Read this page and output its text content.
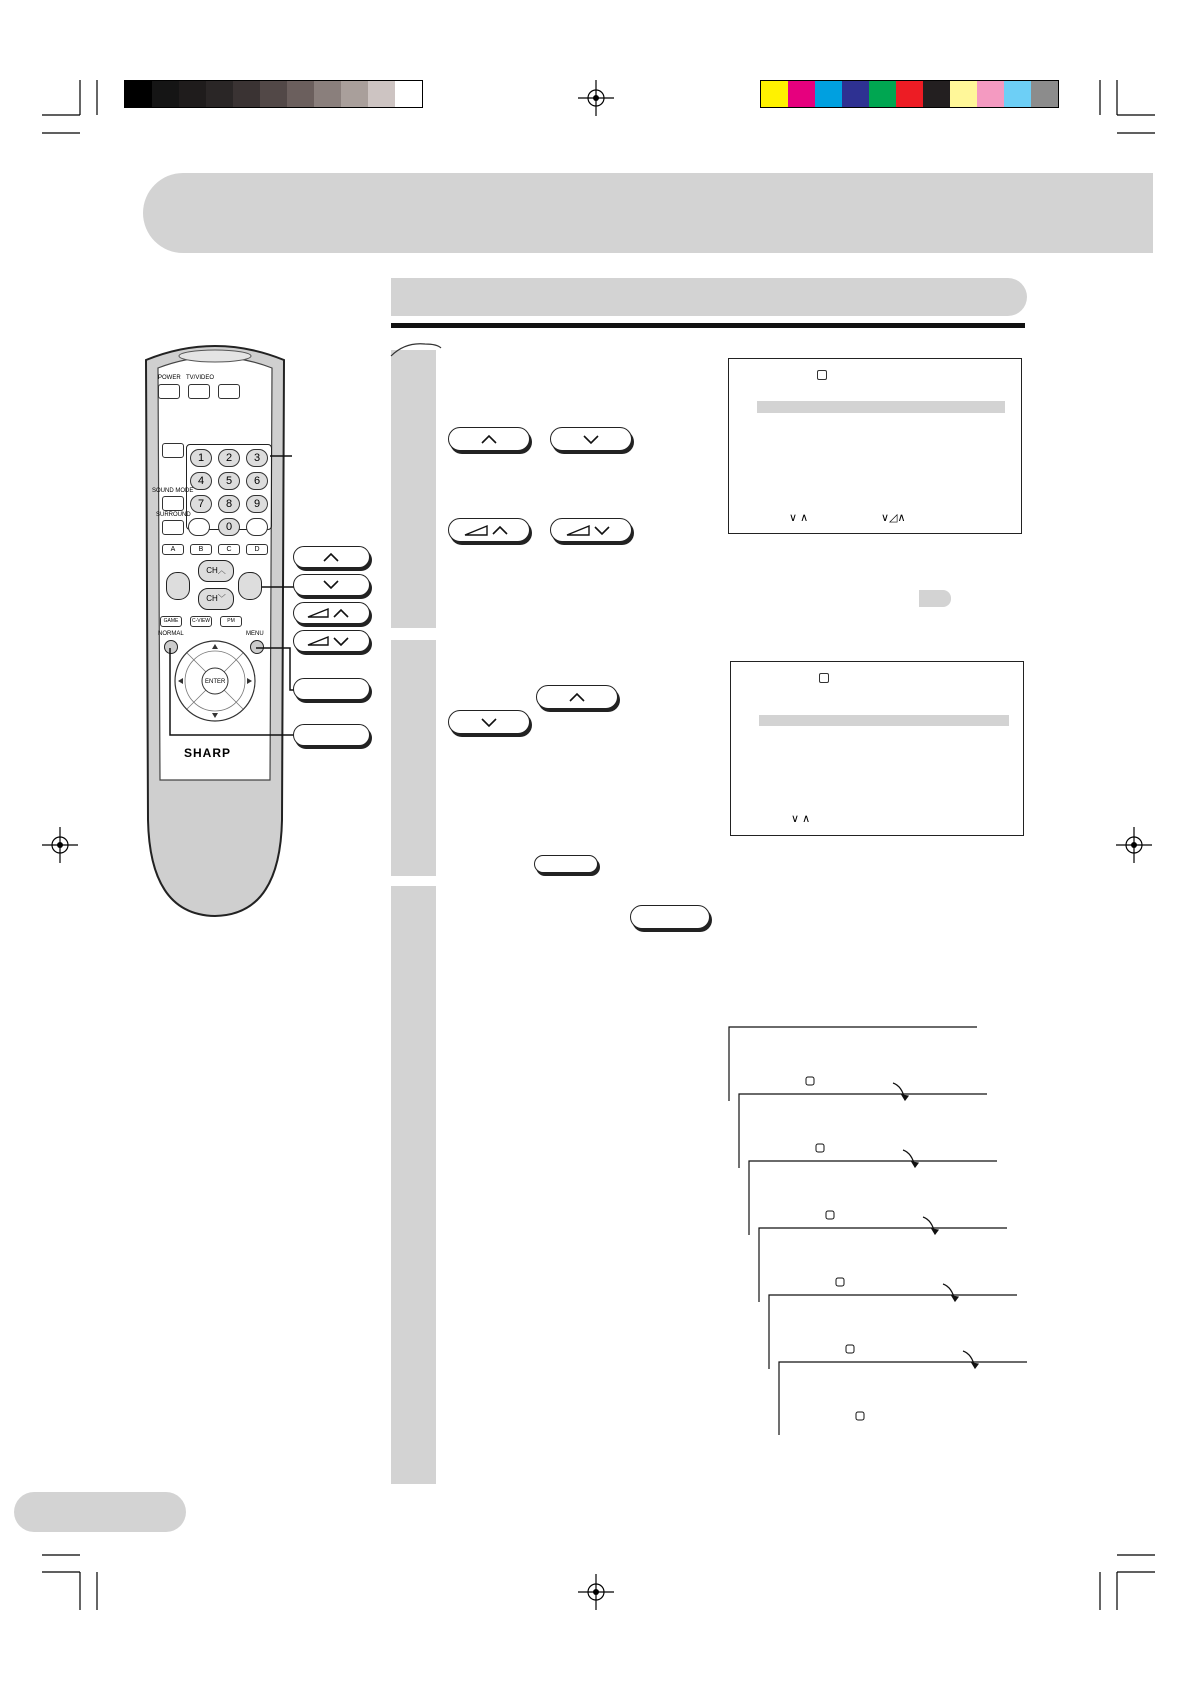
POWER TV/VIDEO
SOUND MODE
SURROUND
1	2	3
4	5	6
7	8	9
0
A	B	C	D
CH︿
CH﹀
GAME	C-VIEW	PM
NORMAL	MENU
ENTER
SHARP
∨ ∧	∨◿∧
∨ ∧
